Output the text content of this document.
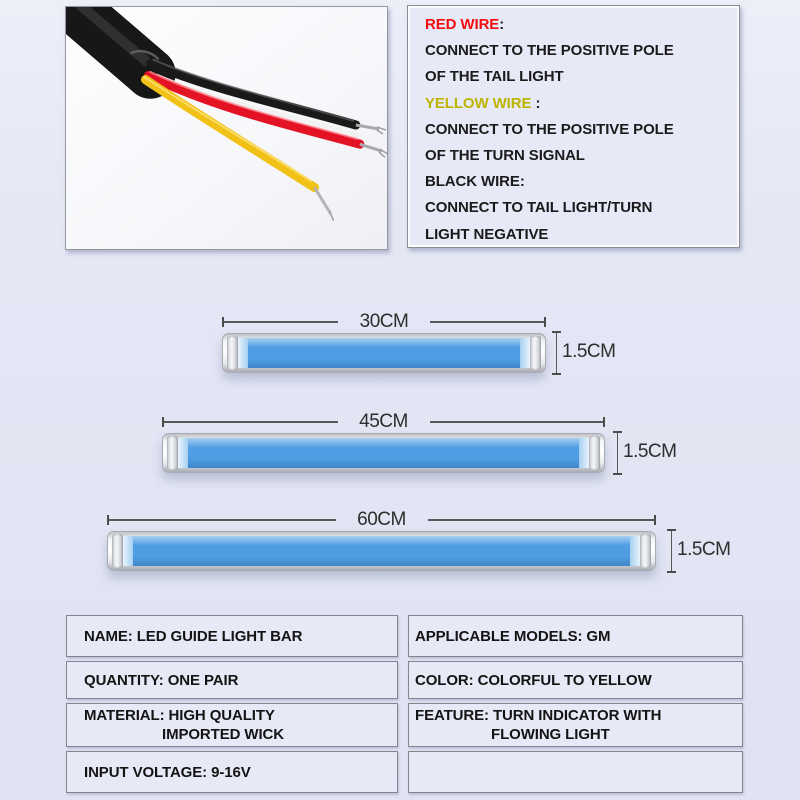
RED WIRE:
CONNECT TO THE POSITIVE POLE
OF THE TAIL LIGHT
YELLOW WIRE :
CONNECT TO THE POSITIVE POLE
OF THE TURN SIGNAL
BLACK WIRE:
CONNECT TO TAIL LIGHT/TURN
LIGHT NEGATIVE
30CM
1.5CM
45CM
1.5CM
60CM
1.5CM
NAME: LED GUIDE LIGHT BAR	APPLICABLE MODELS: GM
QUANTITY: ONE PAIR	COLOR: COLORFUL TO YELLOW
MATERIAL: HIGH QUALITY
IMPORTED WICK
FEATURE: TURN INDICATOR WITH
FLOWING LIGHT
INPUT VOLTAGE: 9-16V
